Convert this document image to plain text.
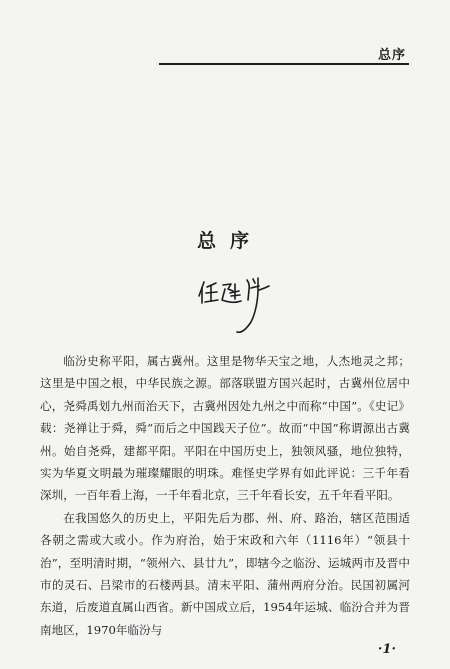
总序
总序

临汾史称平阳，属古冀州。这里是物华天宝之地，人杰地灵之邦；这里是中国之根，中华民族之源。部落联盟方国兴起时，古冀州位居中心，尧舜禹划九州而治天下，古冀州因处九州之中而称“中国”。《史记》载：尧禅让于舜，舜“而后之中国践天子位”。故而“中国”称谓源出古冀州。始自尧舜，建都平阳。平阳在中国历史上，独领风骚，地位独特，实为华夏文明最为璀璨耀眼的明珠。难怪史学界有如此评说：三千年看深圳，一百年看上海，一千年看北京，三千年看长安，五千年看平阳。

在我国悠久的历史上，平阳先后为郡、州、府、路治，辖区范围适各朝之需或大或小。作为府治，始于宋政和六年（1116年）“领县十治”，至明清时期，“领州六、县廿九”，即辖今之临汾、运城两市及晋中市的灵石、吕梁市的石楼两县。清末平阳、蒲州两府分治。民国初属河东道，后废道直属山西省。新中国成立后，1954年运城、临汾合并为晋南地区，1970年临汾与

·1·
